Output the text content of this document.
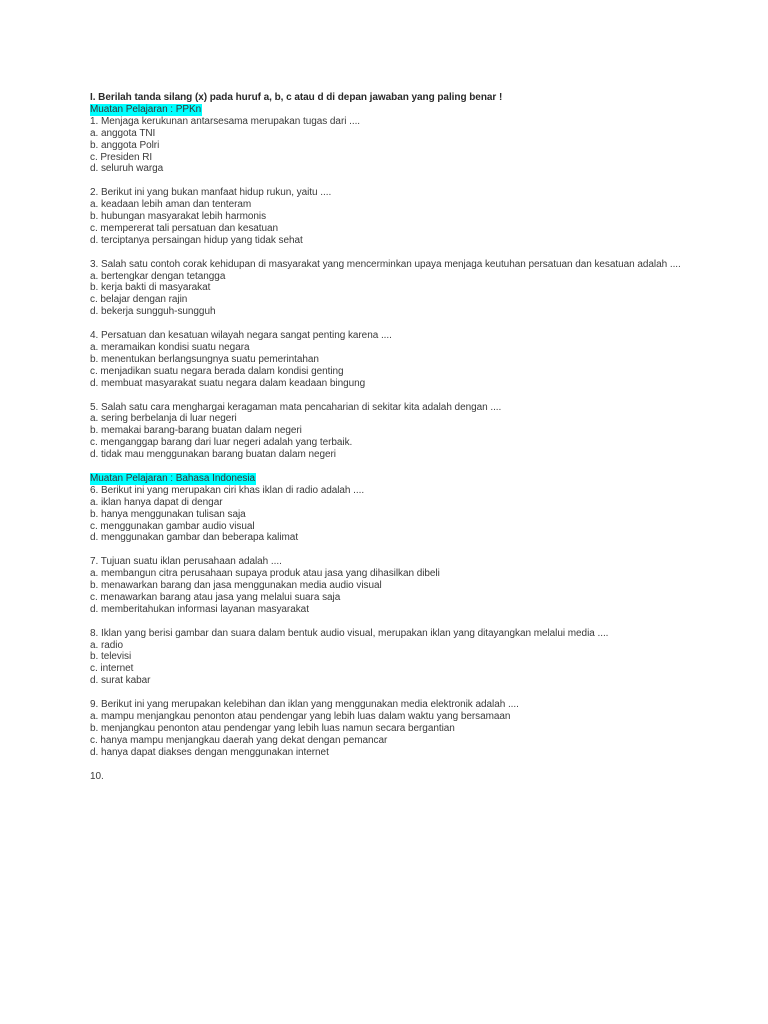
I. Berilah tanda silang (x) pada huruf a, b, c atau d di depan jawaban yang paling benar !
Muatan Pelajaran : PPKn
1. Menjaga kerukunan antarsesama merupakan tugas dari ....
a. anggota TNI
b. anggota Polri
c. Presiden RI
d. seluruh warga
2. Berikut ini yang bukan manfaat hidup rukun, yaitu ....
a. keadaan lebih aman dan tenteram
b. hubungan masyarakat lebih harmonis
c. mempererat tali persatuan dan kesatuan
d. terciptanya persaingan hidup yang tidak sehat
3. Salah satu contoh corak kehidupan di masyarakat yang mencerminkan upaya menjaga keutuhan persatuan dan kesatuan adalah ....
a. bertengkar dengan tetangga
b. kerja bakti di masyarakat
c. belajar dengan rajin
d. bekerja sungguh-sungguh
4. Persatuan dan kesatuan wilayah negara sangat penting karena ....
a. meramaikan kondisi suatu negara
b. menentukan berlangsungnya suatu pemerintahan
c. menjadikan suatu negara berada dalam kondisi genting
d. membuat masyarakat suatu negara dalam keadaan bingung
5. Salah satu cara menghargai keragaman mata pencaharian di sekitar kita adalah dengan ....
a. sering berbelanja di luar negeri
b. memakai barang-barang buatan dalam negeri
c. menganggap barang dari luar negeri adalah yang terbaik.
d. tidak mau menggunakan barang buatan dalam negeri
Muatan Pelajaran : Bahasa Indonesia
6. Berikut ini yang merupakan ciri khas iklan di radio adalah ....
a. iklan hanya dapat di dengar
b. hanya menggunakan tulisan saja
c. menggunakan gambar audio visual
d. menggunakan gambar dan beberapa kalimat
7. Tujuan suatu iklan perusahaan adalah ....
a. membangun citra perusahaan supaya produk atau jasa yang dihasilkan dibeli
b. menawarkan barang dan jasa menggunakan media audio visual
c. menawarkan barang atau jasa yang melalui suara saja
d. memberitahukan informasi layanan masyarakat
8. Iklan yang berisi gambar dan suara dalam bentuk audio visual, merupakan iklan yang ditayangkan melalui media ....
a. radio
b. televisi
c. internet
d. surat kabar
9. Berikut ini yang merupakan kelebihan dan iklan yang menggunakan media elektronik adalah ....
a. mampu menjangkau penonton atau pendengar yang lebih luas dalam waktu yang bersamaan
b. menjangkau penonton atau pendengar yang lebih luas namun secara bergantian
c. hanya mampu menjangkau daerah yang dekat dengan pemancar
d. hanya dapat diakses dengan menggunakan internet
10.
